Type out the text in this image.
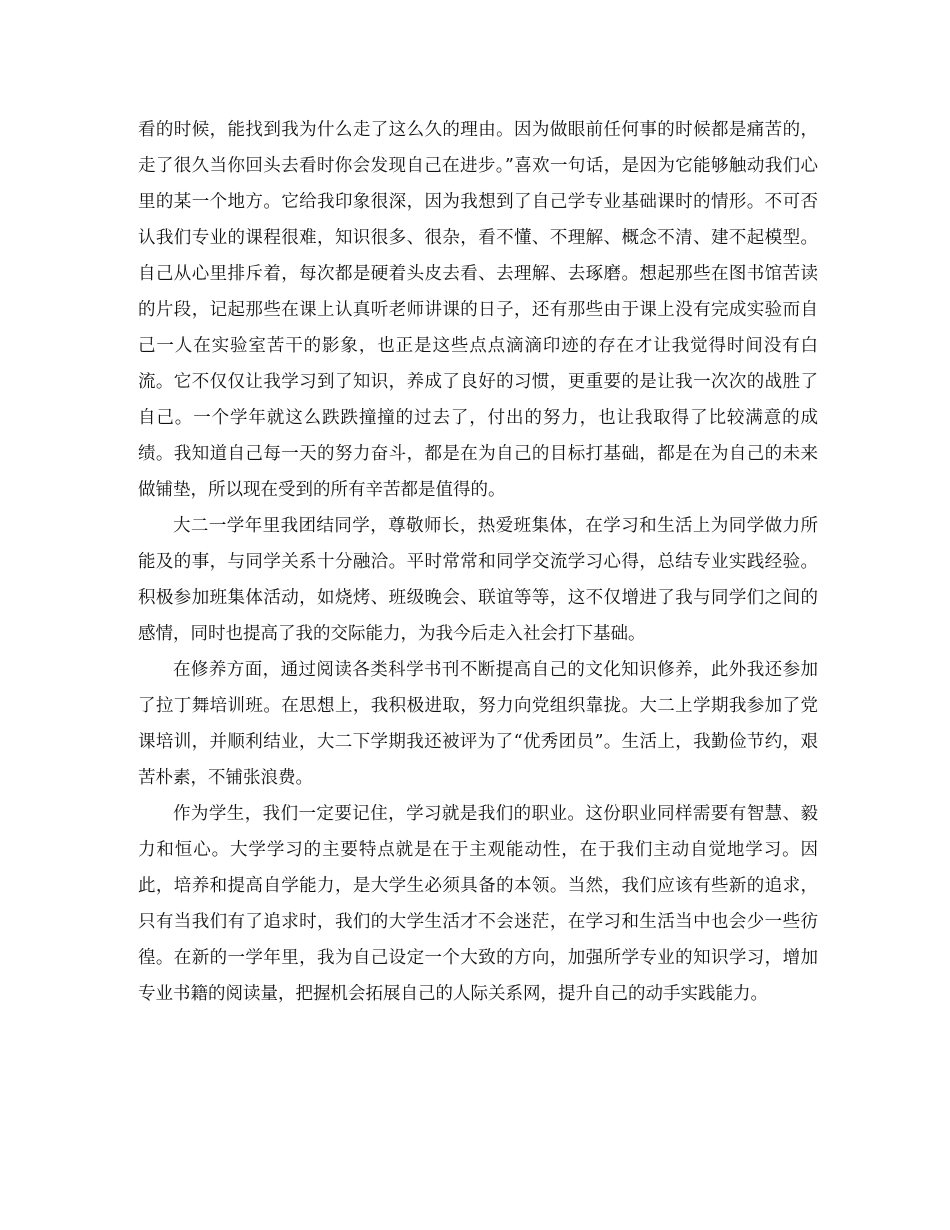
看的时候，能找到我为什么走了这么久的理由。因为做眼前任何事的时候都是痛苦的，走了很久当你回头去看时你会发现自己在进步。”喜欢一句话，是因为它能够触动我们心里的某一个地方。它给我印象很深，因为我想到了自己学专业基础课时的情形。不可否认我们专业的课程很难，知识很多、很杂，看不懂、不理解、概念不清、建不起模型。自己从心里排斥着，每次都是硬着头皮去看、去理解、去琢磨。想起那些在图书馆苦读的片段，记起那些在课上认真听老师讲课的日子，还有那些由于课上没有完成实验而自己一人在实验室苦干的影象，也正是这些点点滴滴印迹的存在才让我觉得时间没有白流。它不仅仅让我学习到了知识，养成了良好的习惯，更重要的是让我一次次的战胜了自己。一个学年就这么跌跌撞撞的过去了，付出的努力，也让我取得了比较满意的成绩。我知道自己每一天的努力奋斗，都是在为自己的目标打基础，都是在为自己的未来做铺垫，所以现在受到的所有辛苦都是值得的。

大二一学年里我团结同学，尊敬师长，热爱班集体，在学习和生活上为同学做力所能及的事，与同学关系十分融洽。平时常常和同学交流学习心得，总结专业实践经验。积极参加班集体活动，如烧烤、班级晚会、联谊等等，这不仅增进了我与同学们之间的感情，同时也提高了我的交际能力，为我今后走入社会打下基础。

在修养方面，通过阅读各类科学书刊不断提高自己的文化知识修养，此外我还参加了拉丁舞培训班。在思想上，我积极进取，努力向党组织靠拢。大二上学期我参加了党课培训，并顺利结业，大二下学期我还被评为了“优秀团员”。生活上，我勤俭节约，艰苦朴素，不铺张浪费。

作为学生，我们一定要记住，学习就是我们的职业。这份职业同样需要有智慧、毅力和恒心。大学学习的主要特点就是在于主观能动性，在于我们主动自觉地学习。因此，培养和提高自学能力，是大学生必须具备的本领。当然，我们应该有些新的追求，只有当我们有了追求时，我们的大学生活才不会迷茫，在学习和生活当中也会少一些彷徨。在新的一学年里，我为自己设定一个大致的方向，加强所学专业的知识学习，增加专业书籍的阅读量，把握机会拓展自己的人际关系网，提升自己的动手实践能力。
